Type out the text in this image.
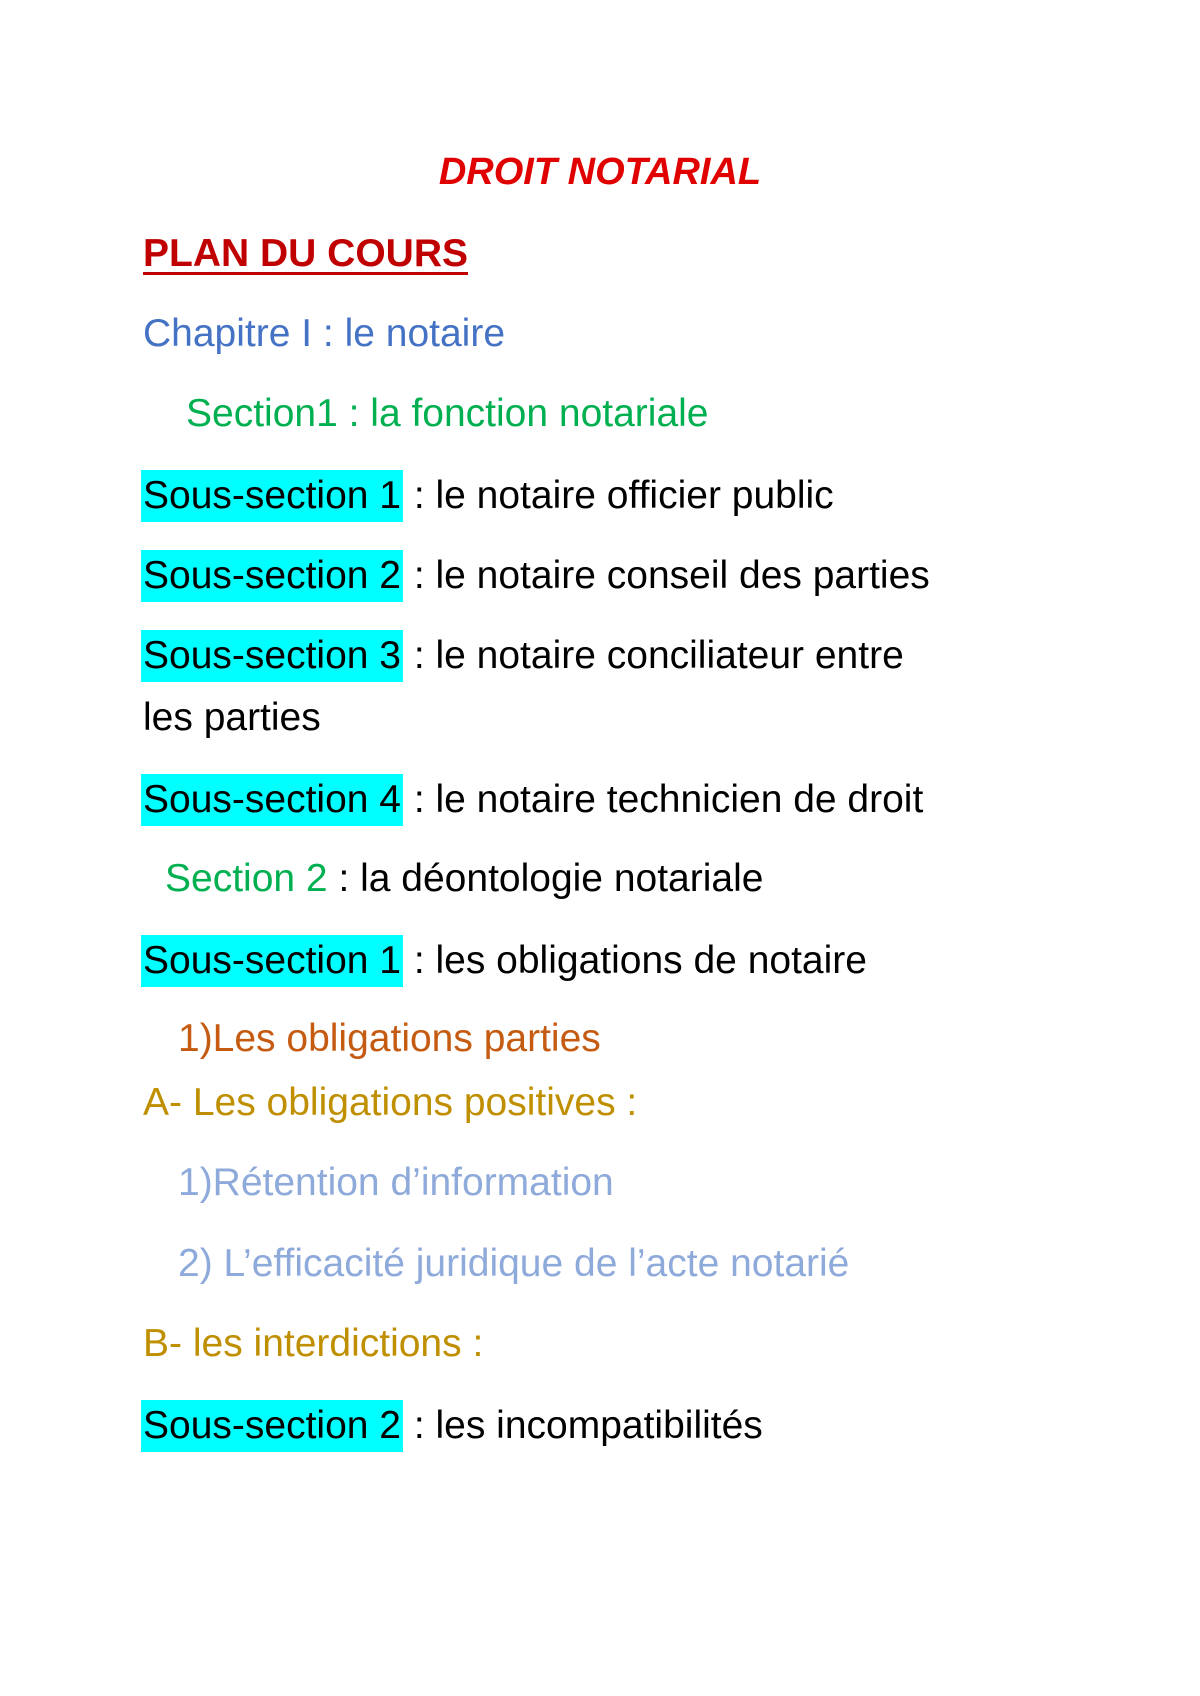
DROIT NOTARIAL
PLAN DU COURS
Chapitre I : le notaire
Section1 : la fonction notariale
Sous-section 1 : le notaire officier public
Sous-section 2 : le notaire conseil des parties
Sous-section 3 : le notaire conciliateur entre
les parties
Sous-section 4 : le notaire technicien de droit
Section 2 : la déontologie notariale
Sous-section 1 : les obligations de notaire
1)Les obligations parties
A- Les obligations positives :
1)Rétention d’information
2) L’efficacité juridique de l’acte notarié
B- les interdictions :
Sous-section 2 : les incompatibilités
